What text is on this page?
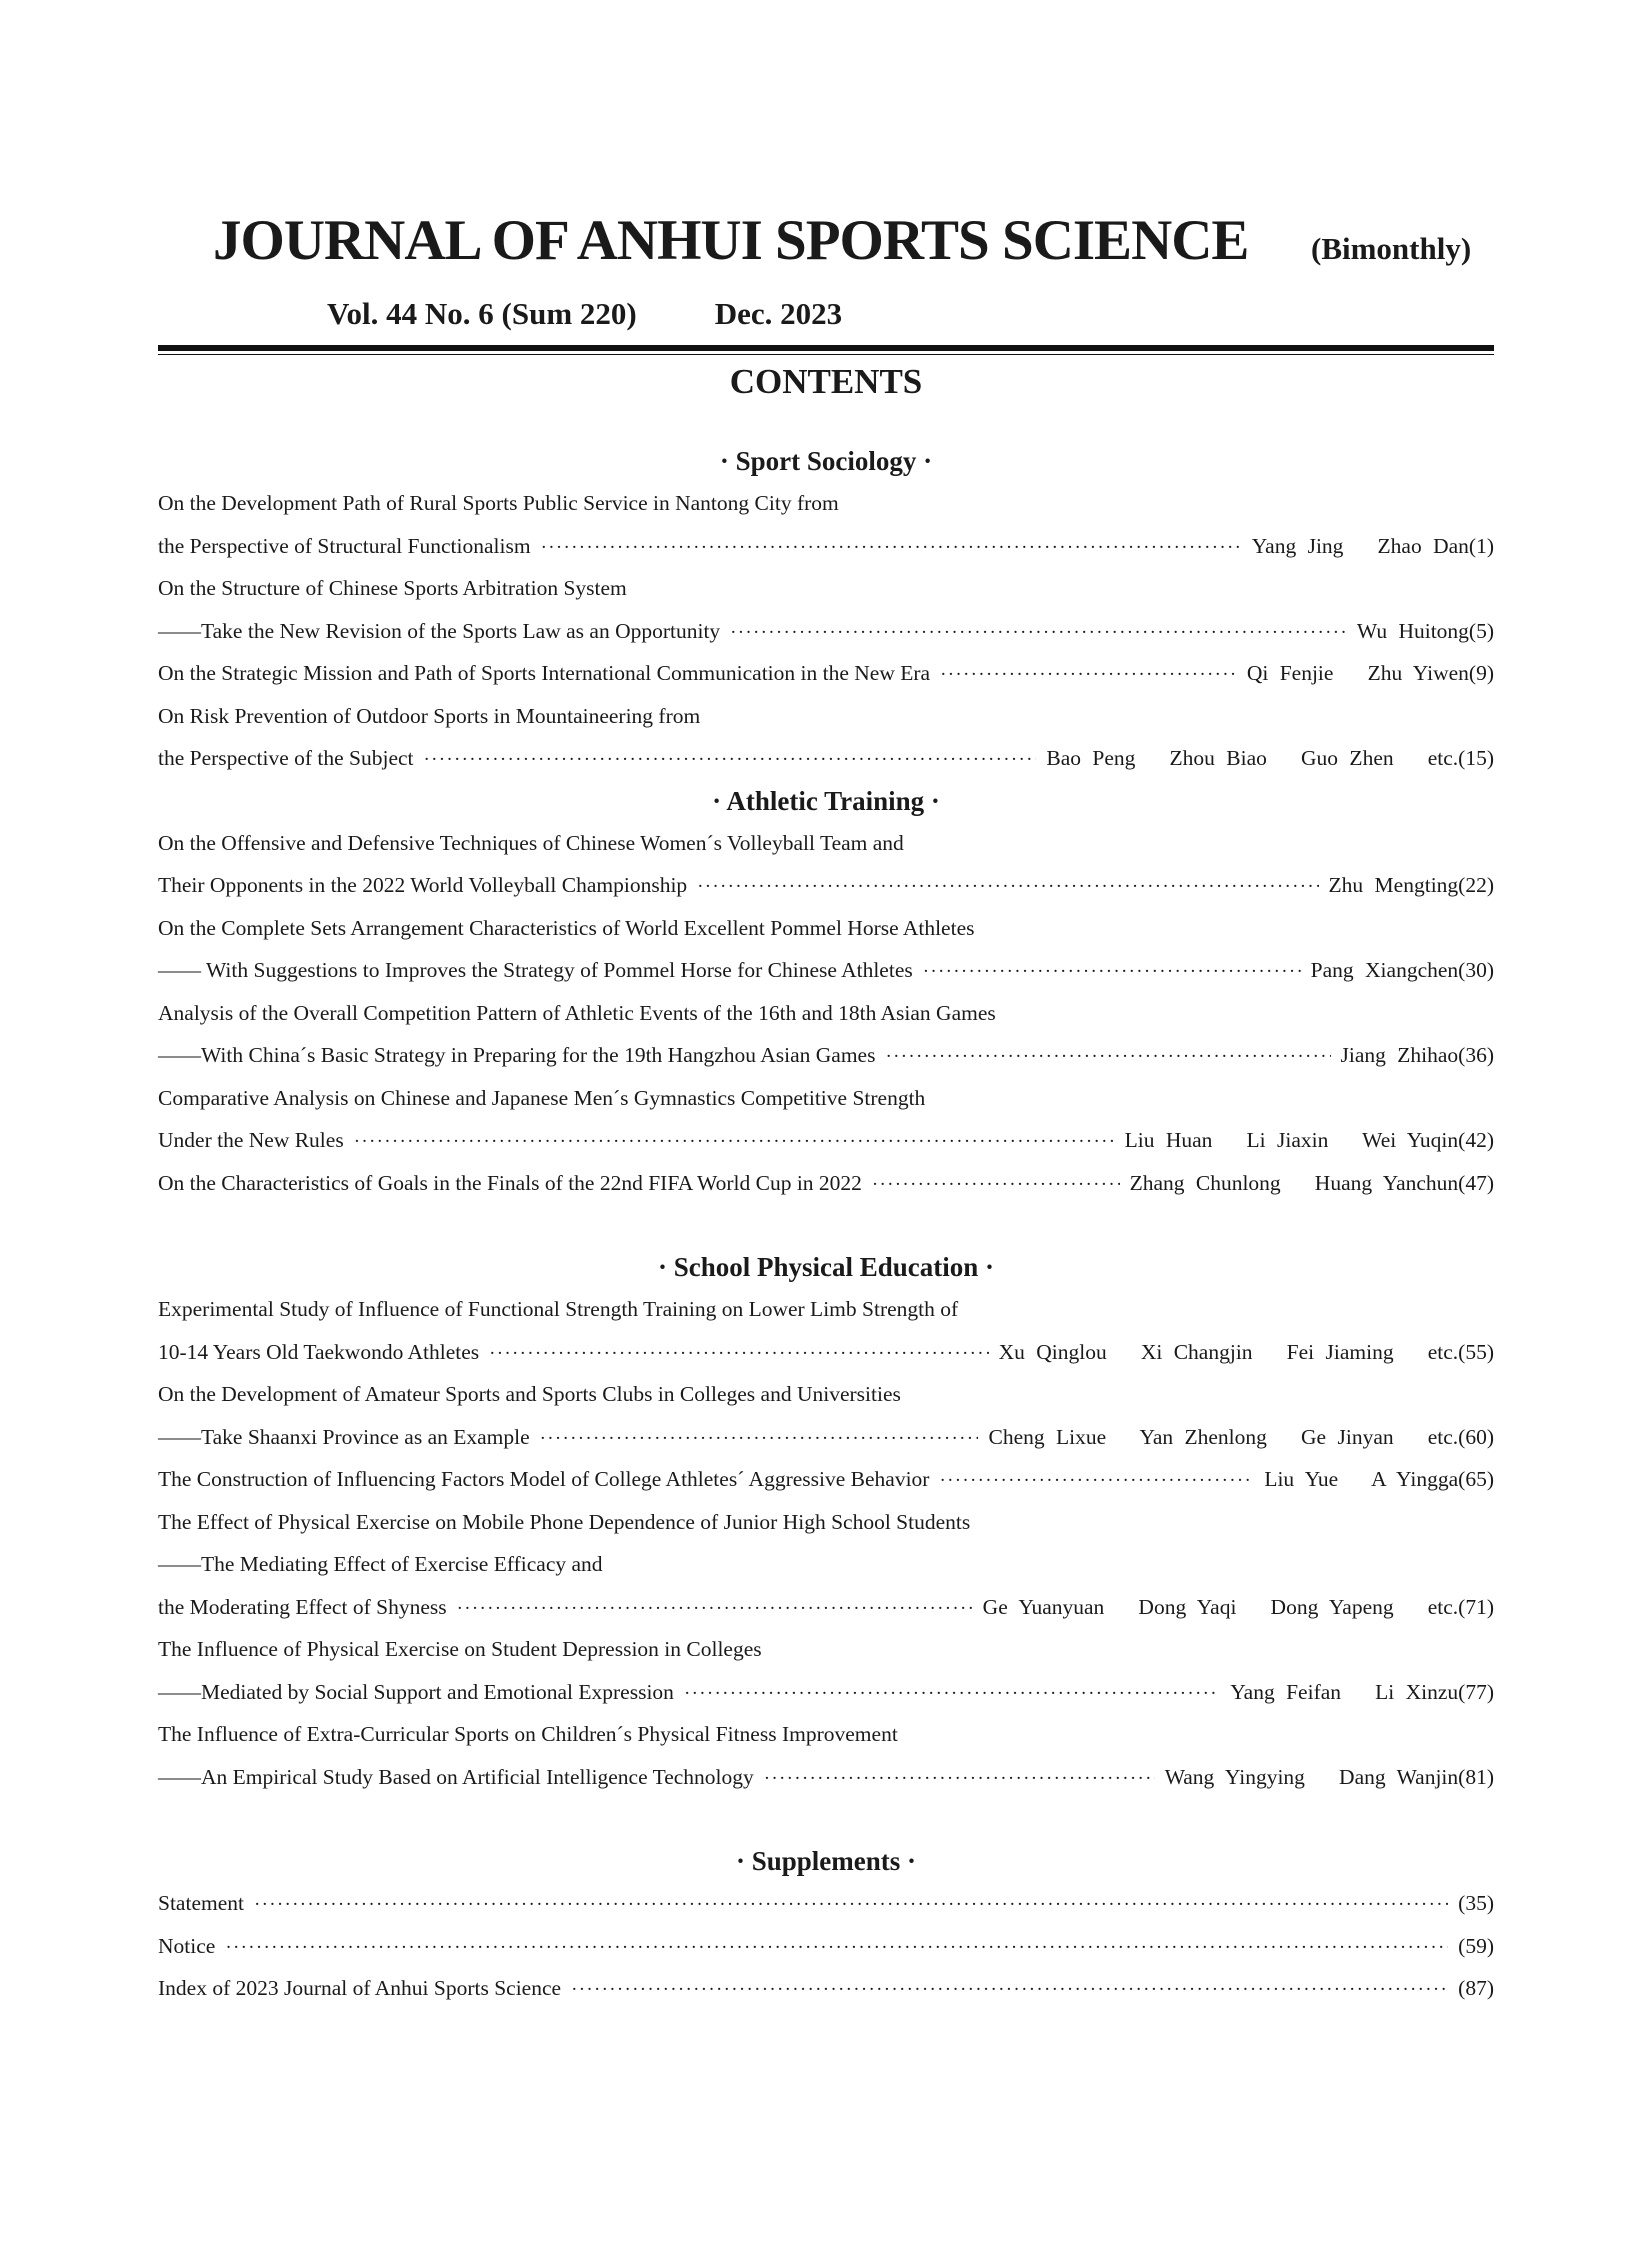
JOURNAL OF ANHUI SPORTS SCIENCE (Bimonthly)
Vol. 44 No. 6 (Sum 220)	Dec. 2023
CONTENTS
· Sport Sociology ·
On the Development Path of Rural Sports Public Service in Nantong City from
the Perspective of Structural Functionalism ·····	Yang Jing   Zhao Dan (1)
On the Structure of Chinese Sports Arbitration System
——Take the New Revision of the Sports Law as an Opportunity ·····	Wu Huitong (5)
On the Strategic Mission and Path of Sports International Communication in the New Era ·····	Qi Fenjie   Zhu Yiwen (9)
On Risk Prevention of Outdoor Sports in Mountaineering from
the Perspective of the Subject ·····	Bao Peng   Zhou Biao   Guo Zhen   etc. (15)
· Athletic Training ·
On the Offensive and Defensive Techniques of Chinese Women´s Volleyball Team and
Their Opponents in the 2022 World Volleyball Championship ·····	Zhu Mengting (22)
On the Complete Sets Arrangement Characteristics of World Excellent Pommel Horse Athletes
—— With Suggestions to Improves the Strategy of Pommel Horse for Chinese Athletes ·····	Pang Xiangchen (30)
Analysis of the Overall Competition Pattern of Athletic Events of the 16th and 18th Asian Games
——With China´s Basic Strategy in Preparing for the 19th Hangzhou Asian Games ·····	Jiang Zhihao (36)
Comparative Analysis on Chinese and Japanese Men´s Gymnastics Competitive Strength
Under the New Rules ·····	Liu Huan   Li Jiaxin   Wei Yuqin (42)
On the Characteristics of Goals in the Finals of the 22nd FIFA World Cup in 2022 ·····	Zhang Chunlong   Huang Yanchun (47)
· School Physical Education ·
Experimental Study of Influence of Functional Strength Training on Lower Limb Strength of
10-14 Years Old Taekwondo Athletes ·····	Xu Qinglou   Xi Changjin   Fei Jiaming   etc. (55)
On the Development of Amateur Sports and Sports Clubs in Colleges and Universities
——Take Shaanxi Province as an Example ·····	Cheng Lixue   Yan Zhenlong   Ge Jinyan   etc. (60)
The Construction of Influencing Factors Model of College Athletes´ Aggressive Behavior ·····	Liu Yue   A Yingga (65)
The Effect of Physical Exercise on Mobile Phone Dependence of Junior High School Students
——The Mediating Effect of Exercise Efficacy and
the Moderating Effect of Shyness ·····	Ge Yuanyuan   Dong Yaqi   Dong Yapeng   etc. (71)
The Influence of Physical Exercise on Student Depression in Colleges
——Mediated by Social Support and Emotional Expression ·····	Yang Feifan   Li Xinzu (77)
The Influence of Extra-Curricular Sports on Children´s Physical Fitness Improvement
——An Empirical Study Based on Artificial Intelligence Technology ·····	Wang Yingying   Dang Wanjin (81)
· Supplements ·
Statement ·····	(35)
Notice ·····	(59)
Index of 2023 Journal of Anhui Sports Science ·····	(87)
